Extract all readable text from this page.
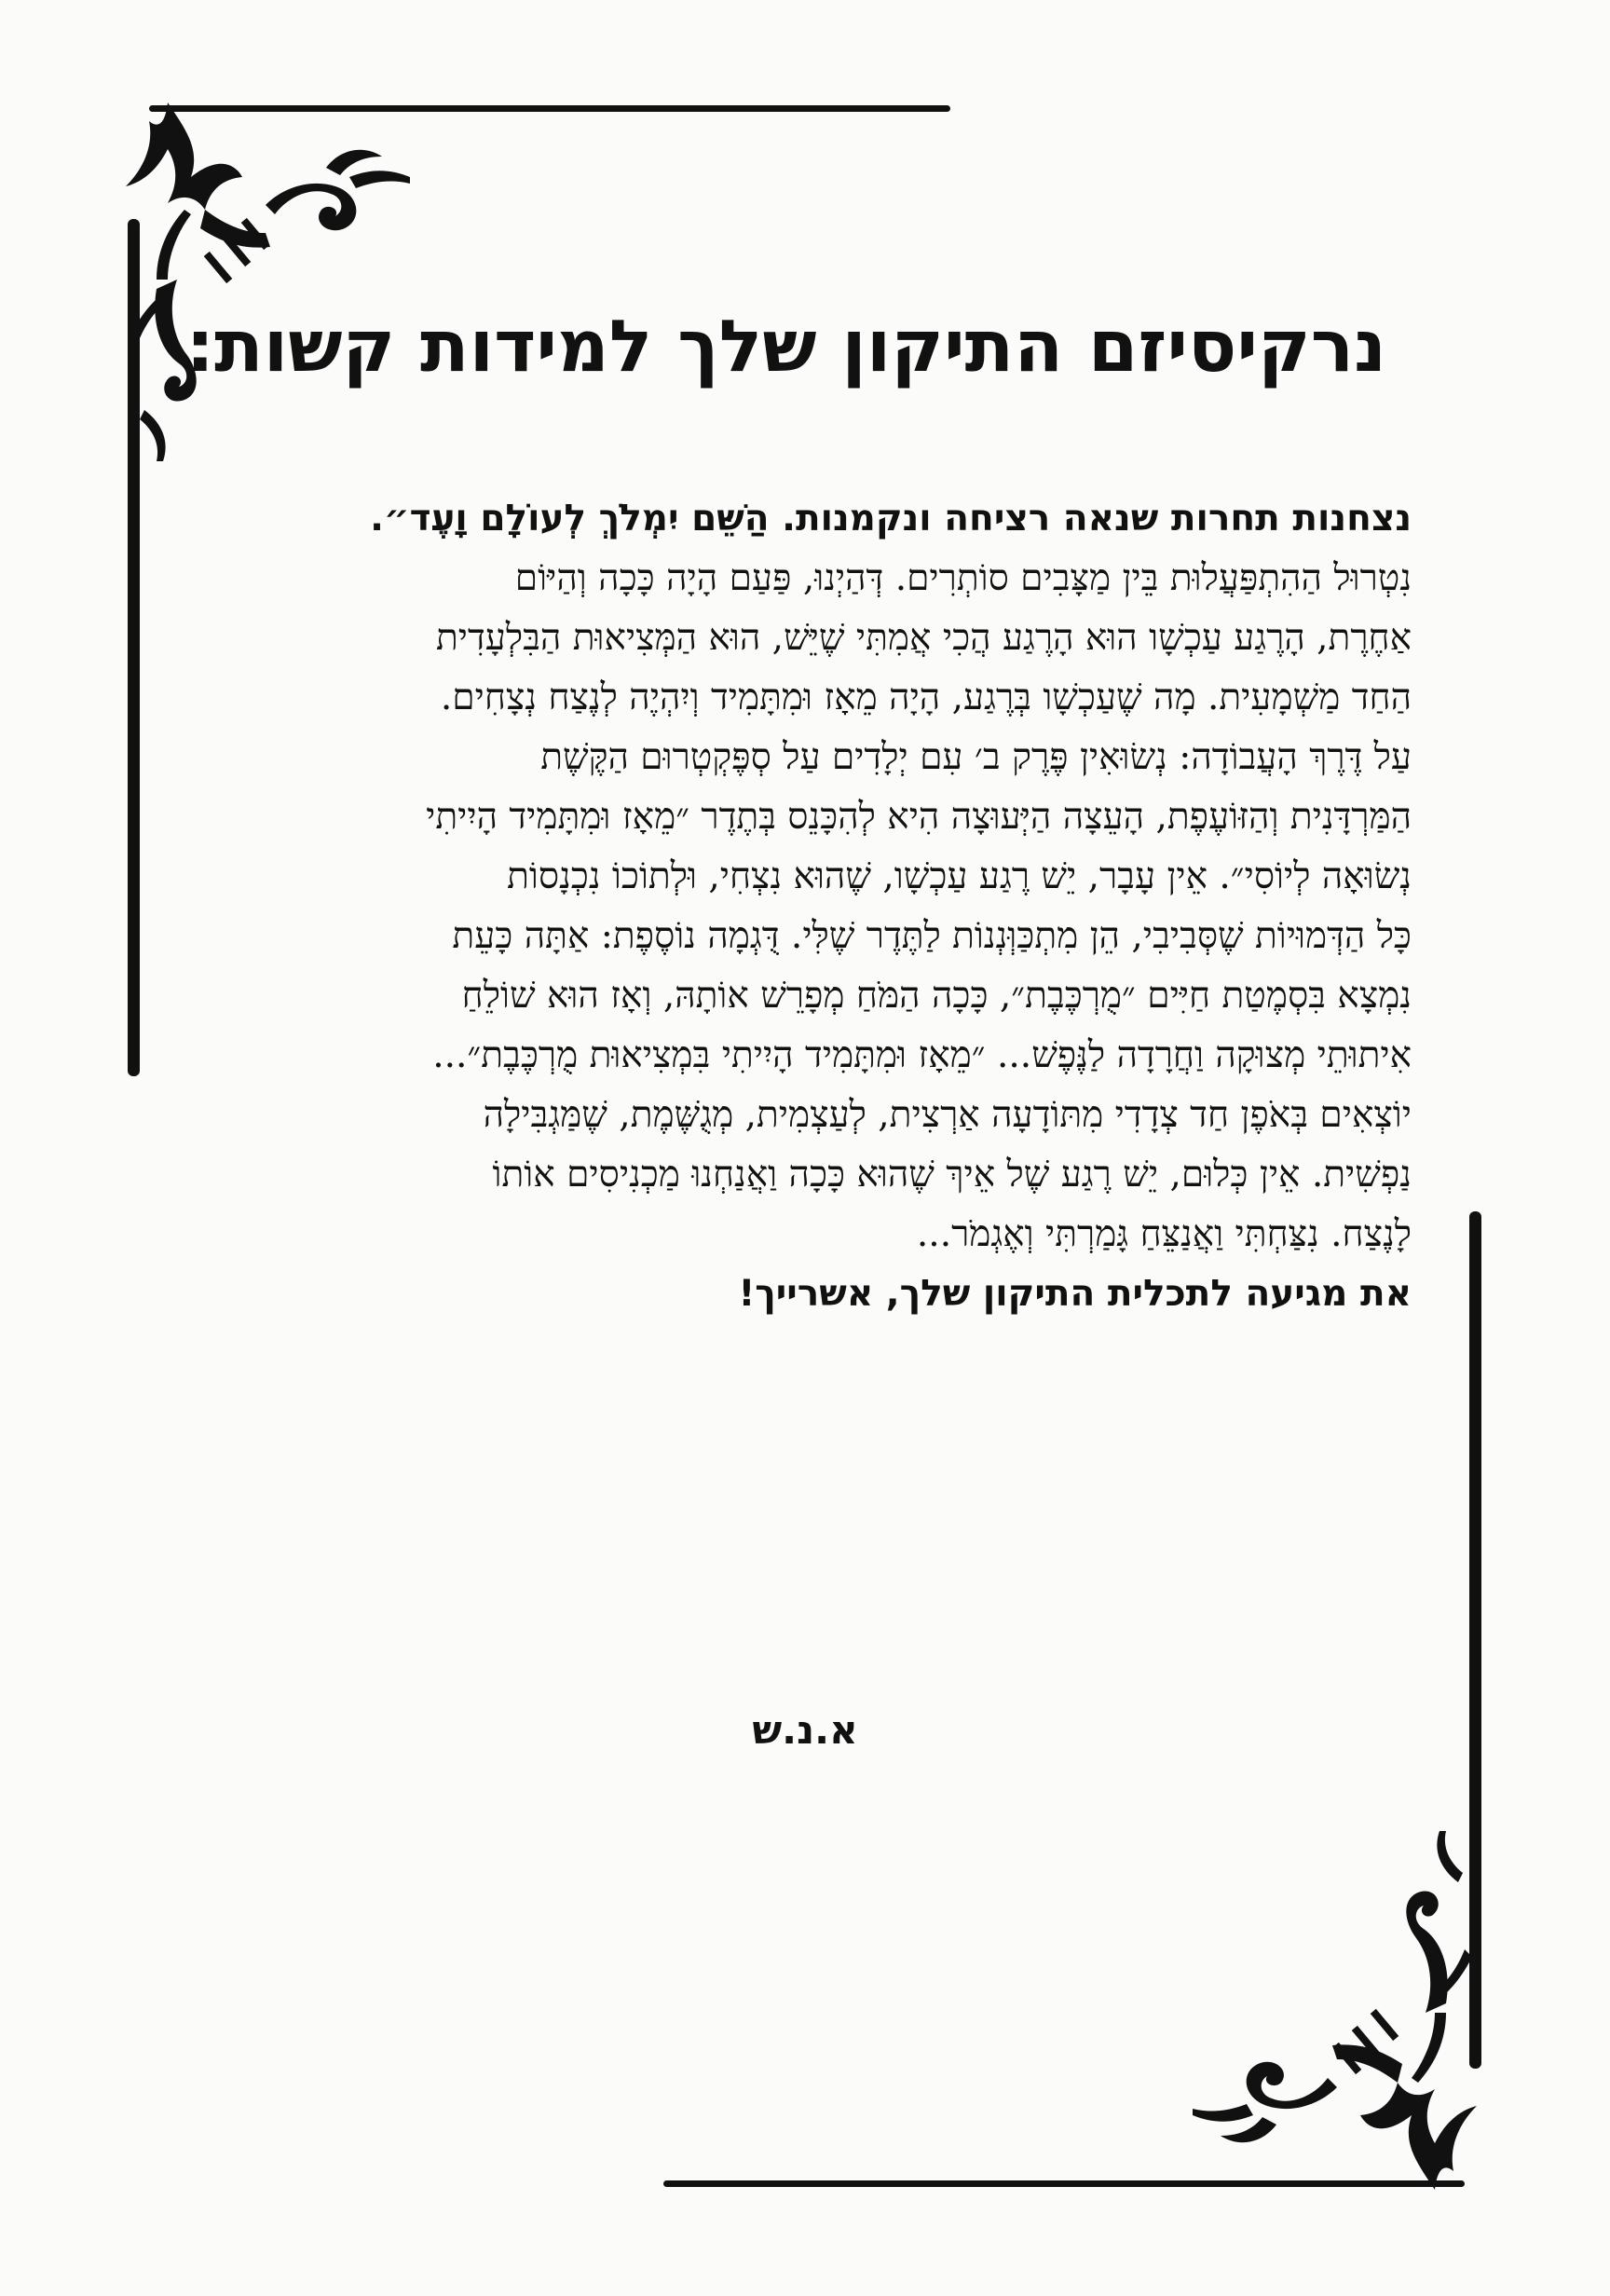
נרקיסיזם התיקון שלך למידות קשות:
נצחנות תחרות שנאה רציחה ונקמנות. הַשֵּׁם יִמְלֹךְ לְעוֹלָם וָעֶד״.
נִטְרוּל הַהִתְפַּעֲלוּת בֵּין מַצָּבִים סוֹתְרִים. דְּהַיְנוּ, פַּעַם הָיָה כָּכָה וְהַיּוֹם
אַחֶרֶת, הָרֶגַע עַכְשָׁו הוּא הָרֶגַע הֲכִי אֲמִתִּי שֶׁיֵּשׁ, הוּא הַמְּצִיאוּת הַבִּלְעָדִית
הַחַד מַשְׁמָעִית. מָה שֶׁעַכְשָׁו בְּרֶגַע, הָיָה מֵאָז וּמִתָּמִיד וְיִהְיֶה לְנֶצַח נְצָחִים.
עַל דֶּרֶךְ הָעֲבוֹדָה: נְשׂוּאִין פֶּרֶק ב׳ עִם יְלָדִים עַל סְפֶּקְטְרוּם הַקֶּשֶׁת
הַמַּרְדָּנִית וְהַזּוֹעֶפֶת, הָעֵצָה הַיְּעוּצָה הִיא לְהִכָּנֵס בְּתֶדֶר ״מֵאָז וּמִתָּמִיד הָיִיתִי
נְשׂוּאָה לְיוֹסִי״. אֵין עָבָר, יֵשׁ רֶגַע עַכְשָׁו, שֶׁהוּא נִצְחִי, וּלְתוֹכוֹ נִכְנָסוֹת
כָּל הַדְּמוּיוֹת שֶׁסְּבִיבִי, הֵן מִתְכַּוְּנְנוֹת לַתֶּדֶר שֶׁלִּי. דֻּגְמָה נוֹסֶפֶת: אַתָּה כָּעֵת
נִמְצָא בִּסְמֶטַת חַיִּים ״מֻרְכֶּבֶת״, כָּכָה הַמֹּחַ מְפָרֵשׁ אוֹתָהּ, וְאָז הוּא שׁוֹלֵחַ
אִיתוּתֵי מְצוּקָה וַחֲרָדָה לַנֶּפֶשׁ... ״מֵאָז וּמִתָּמִיד הָיִיתִי בִּמְצִיאוּת מֻרְכֶּבֶת״...
יוֹצְאִים בְּאֹפֶן חַד צְדָדִי מִתּוֹדָעָה אַרְצִית, לְעַצְמִית, מְגֻשֶּׁמֶת, שֶׁמַּגְבִּילָה
נַפְשִׁית. אֵין כְּלוּם, יֵשׁ רֶגַע שֶׁל אֵיךְ שֶׁהוּא כָּכָה וַאֲנַחְנוּ מַכְנִיסִים אוֹתוֹ
לָנֶצַח. נִצַּחְתִּי וַאֲנַצֵּחַ גָּמַרְתִּי וְאֶגְמֹר...
את מגיעה לתכלית התיקון שלך, אשרייך!
א.נ.ש
